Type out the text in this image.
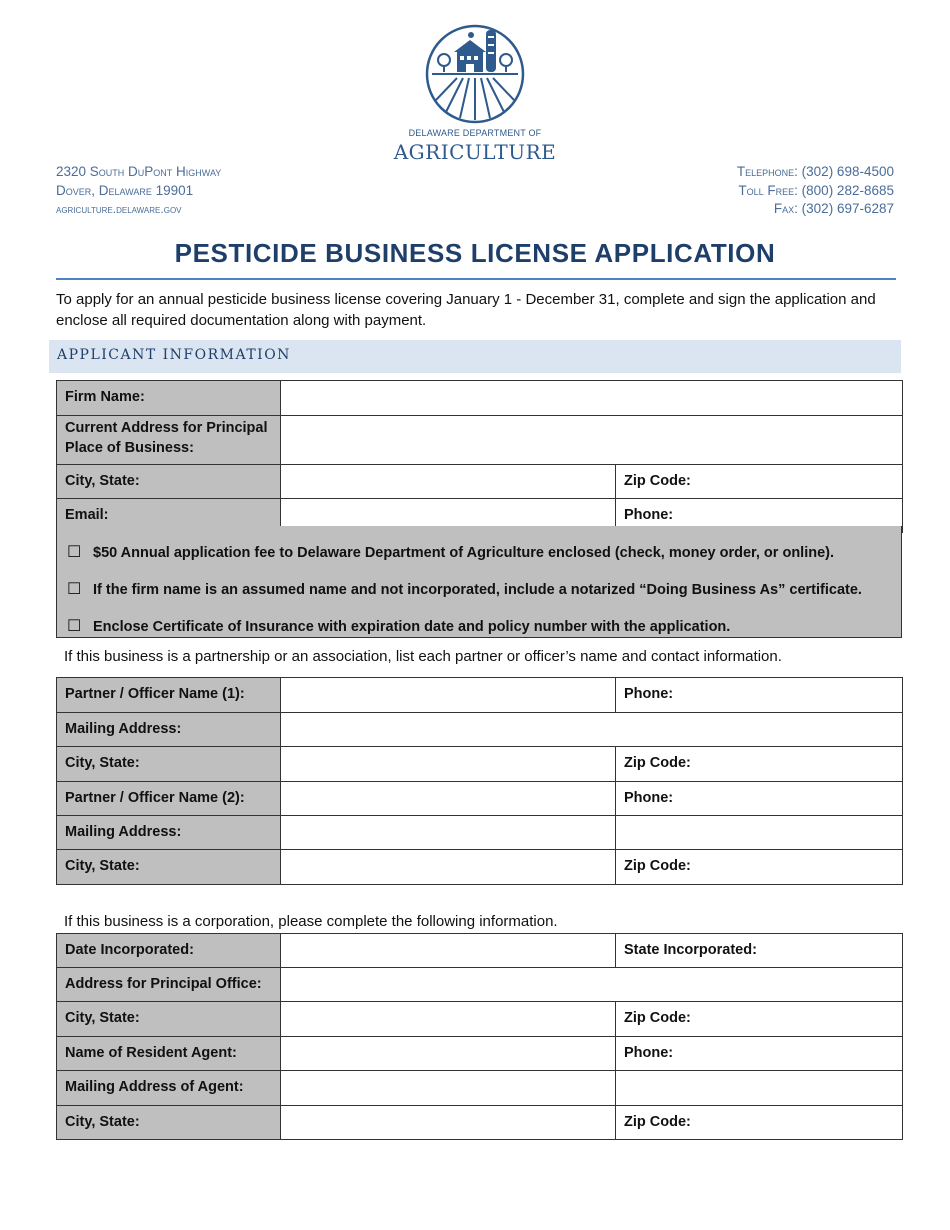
DELAWARE DEPARTMENT OF
AGRICULTURE
2320 South DuPont Highway
Dover, Delaware 19901
agriculture.delaware.gov
Telephone: (302) 698-4500
Toll Free: (800) 282-8685
Fax: (302) 697-6287
PESTICIDE BUSINESS LICENSE APPLICATION
To apply for an annual pesticide business license covering January 1 - December 31, complete and sign the application and enclose all required documentation along with payment.
APPLICANT INFORMATION
Firm Name:		
Current Address for Principal Place of Business:		
City, State:		Zip Code:
Email:		Phone:
☐ $50 Annual application fee to Delaware Department of Agriculture enclosed (check, money order, or online).
☐ If the firm name is an assumed name and not incorporated, include a notarized “Doing Business As” certificate.
☐ Enclose Certificate of Insurance with expiration date and policy number with the application.
If this business is a partnership or an association, list each partner or officer’s name and contact information.
Partner / Officer Name (1):		Phone:
Mailing Address:		
City, State:		Zip Code:
Partner / Officer Name (2):		Phone:
Mailing Address:		
City, State:		Zip Code:
If this business is a corporation, please complete the following information.
Date Incorporated:		State Incorporated:
Address for Principal Office:		
City, State:		Zip Code:
Name of Resident Agent:		Phone:
Mailing Address of Agent:		
City, State:		Zip Code:
